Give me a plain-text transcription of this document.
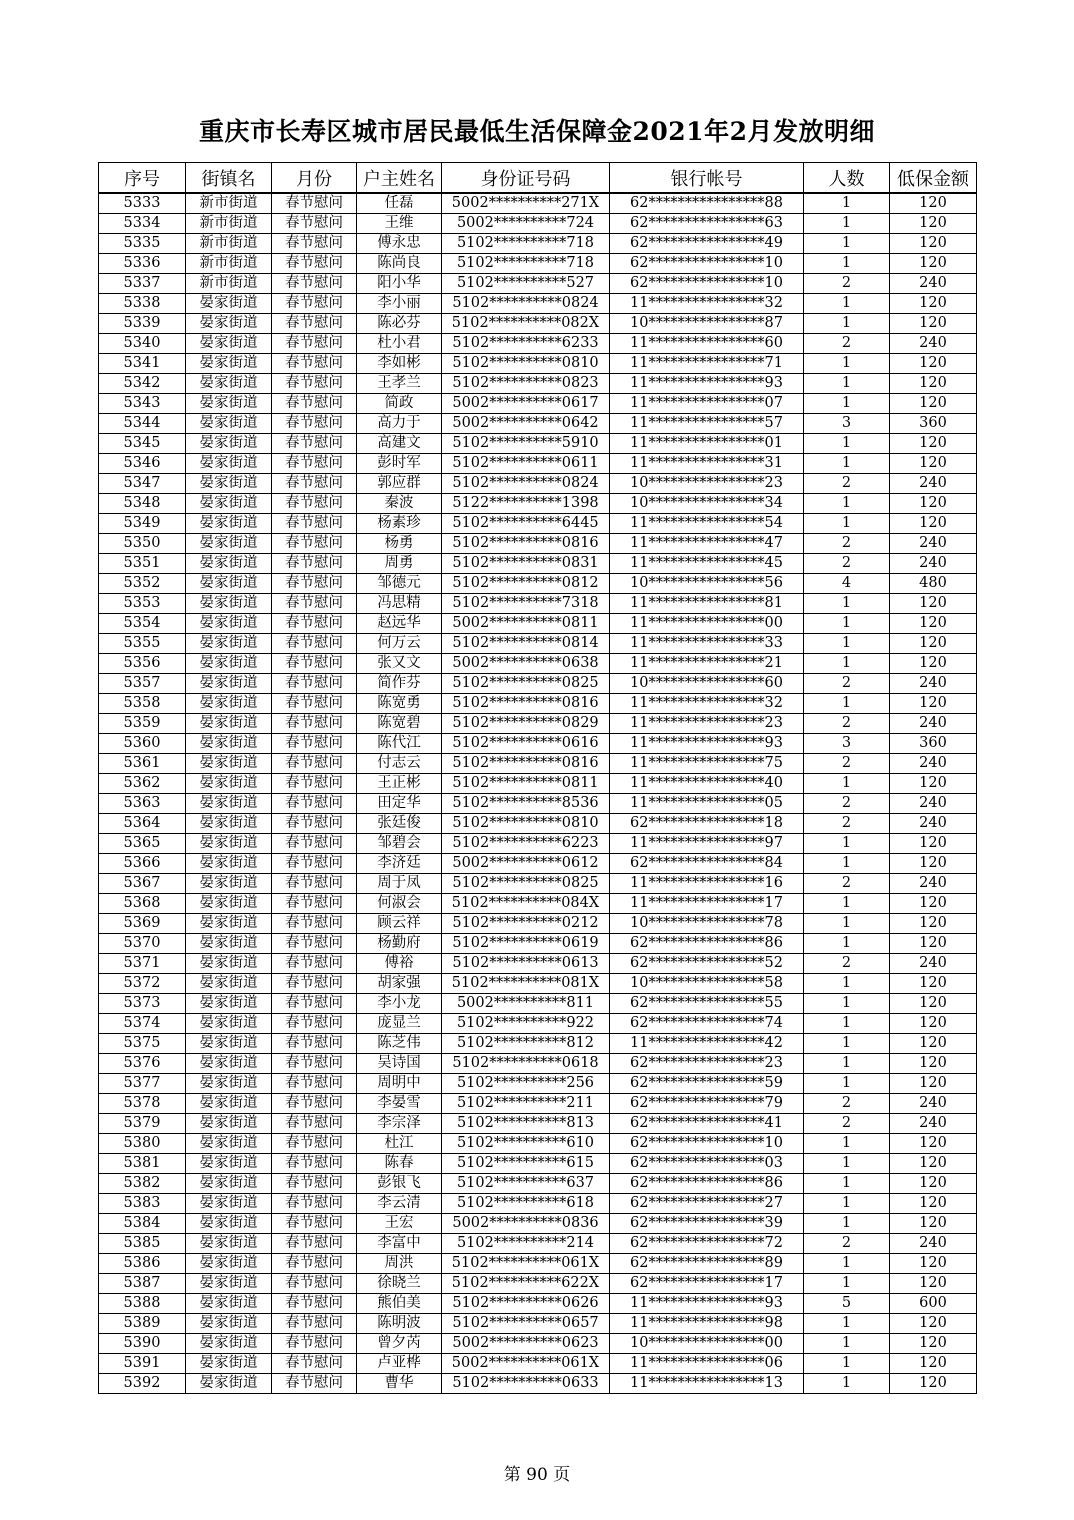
重庆市长寿区城市居民最低生活保障金2021年2月发放明细
序号	街镇名	月份	户主姓名	身份证号码	银行帐号	人数	低保金额
5333	新市街道	春节慰问	任磊	5002**********271X	62****************88	1	120
5334	新市街道	春节慰问	王维	5002**********724	62****************63	1	120
5335	新市街道	春节慰问	傅永忠	5102**********718	62****************49	1	120
5336	新市街道	春节慰问	陈尚良	5102**********718	62****************10	1	120
5337	新市街道	春节慰问	阳小华	5102**********527	62****************10	2	240
5338	晏家街道	春节慰问	李小丽	5102**********0824	11****************32	1	120
5339	晏家街道	春节慰问	陈必芬	5102**********082X	10****************87	1	120
5340	晏家街道	春节慰问	杜小君	5102**********6233	11****************60	2	240
5341	晏家街道	春节慰问	李如彬	5102**********0810	11****************71	1	120
5342	晏家街道	春节慰问	王孝兰	5102**********0823	11****************93	1	120
5343	晏家街道	春节慰问	简政	5002**********0617	11****************07	1	120
5344	晏家街道	春节慰问	高力于	5002**********0642	11****************57	3	360
5345	晏家街道	春节慰问	高建文	5102**********5910	11****************01	1	120
5346	晏家街道	春节慰问	彭时军	5102**********0611	11****************31	1	120
5347	晏家街道	春节慰问	郭应群	5102**********0824	10****************23	2	240
5348	晏家街道	春节慰问	秦波	5122**********1398	10****************34	1	120
5349	晏家街道	春节慰问	杨素珍	5102**********6445	11****************54	1	120
5350	晏家街道	春节慰问	杨勇	5102**********0816	11****************47	2	240
5351	晏家街道	春节慰问	周勇	5102**********0831	11****************45	2	240
5352	晏家街道	春节慰问	邹德元	5102**********0812	10****************56	4	480
5353	晏家街道	春节慰问	冯思精	5102**********7318	11****************81	1	120
5354	晏家街道	春节慰问	赵远华	5002**********0811	11****************00	1	120
5355	晏家街道	春节慰问	何万云	5102**********0814	11****************33	1	120
5356	晏家街道	春节慰问	张又文	5002**********0638	11****************21	1	120
5357	晏家街道	春节慰问	简作芬	5102**********0825	10****************60	2	240
5358	晏家街道	春节慰问	陈宽勇	5102**********0816	11****************32	1	120
5359	晏家街道	春节慰问	陈宽碧	5102**********0829	11****************23	2	240
5360	晏家街道	春节慰问	陈代江	5102**********0616	11****************93	3	360
5361	晏家街道	春节慰问	付志云	5102**********0816	11****************75	2	240
5362	晏家街道	春节慰问	王正彬	5102**********0811	11****************40	1	120
5363	晏家街道	春节慰问	田定华	5102**********8536	11****************05	2	240
5364	晏家街道	春节慰问	张廷俊	5102**********0810	62****************18	2	240
5365	晏家街道	春节慰问	邹碧会	5102**********6223	11****************97	1	120
5366	晏家街道	春节慰问	李济廷	5002**********0612	62****************84	1	120
5367	晏家街道	春节慰问	周于凤	5102**********0825	11****************16	2	240
5368	晏家街道	春节慰问	何淑会	5102**********084X	11****************17	1	120
5369	晏家街道	春节慰问	顾云祥	5102**********0212	10****************78	1	120
5370	晏家街道	春节慰问	杨勤府	5102**********0619	62****************86	1	120
5371	晏家街道	春节慰问	傅裕	5102**********0613	62****************52	2	240
5372	晏家街道	春节慰问	胡家强	5102**********081X	10****************58	1	120
5373	晏家街道	春节慰问	李小龙	5002**********811	62****************55	1	120
5374	晏家街道	春节慰问	庞显兰	5102**********922	62****************74	1	120
5375	晏家街道	春节慰问	陈芝伟	5102**********812	11****************42	1	120
5376	晏家街道	春节慰问	吴诗国	5102**********0618	62****************23	1	120
5377	晏家街道	春节慰问	周明中	5102**********256	62****************59	1	120
5378	晏家街道	春节慰问	李晏雪	5102**********211	62****************79	2	240
5379	晏家街道	春节慰问	李宗泽	5102**********813	62****************41	2	240
5380	晏家街道	春节慰问	杜江	5102**********610	62****************10	1	120
5381	晏家街道	春节慰问	陈春	5102**********615	62****************03	1	120
5382	晏家街道	春节慰问	彭银飞	5102**********637	62****************86	1	120
5383	晏家街道	春节慰问	李云清	5102**********618	62****************27	1	120
5384	晏家街道	春节慰问	王宏	5002**********0836	62****************39	1	120
5385	晏家街道	春节慰问	李富中	5102**********214	62****************72	2	240
5386	晏家街道	春节慰问	周洪	5102**********061X	62****************89	1	120
5387	晏家街道	春节慰问	徐晓兰	5102**********622X	62****************17	1	120
5388	晏家街道	春节慰问	熊伯美	5102**********0626	11****************93	5	600
5389	晏家街道	春节慰问	陈明波	5102**********0657	11****************98	1	120
5390	晏家街道	春节慰问	曾夕芮	5002**********0623	10****************00	1	120
5391	晏家街道	春节慰问	卢亚桦	5002**********061X	11****************06	1	120
5392	晏家街道	春节慰问	曹华	5102**********0633	11****************13	1	120
第 90 页
